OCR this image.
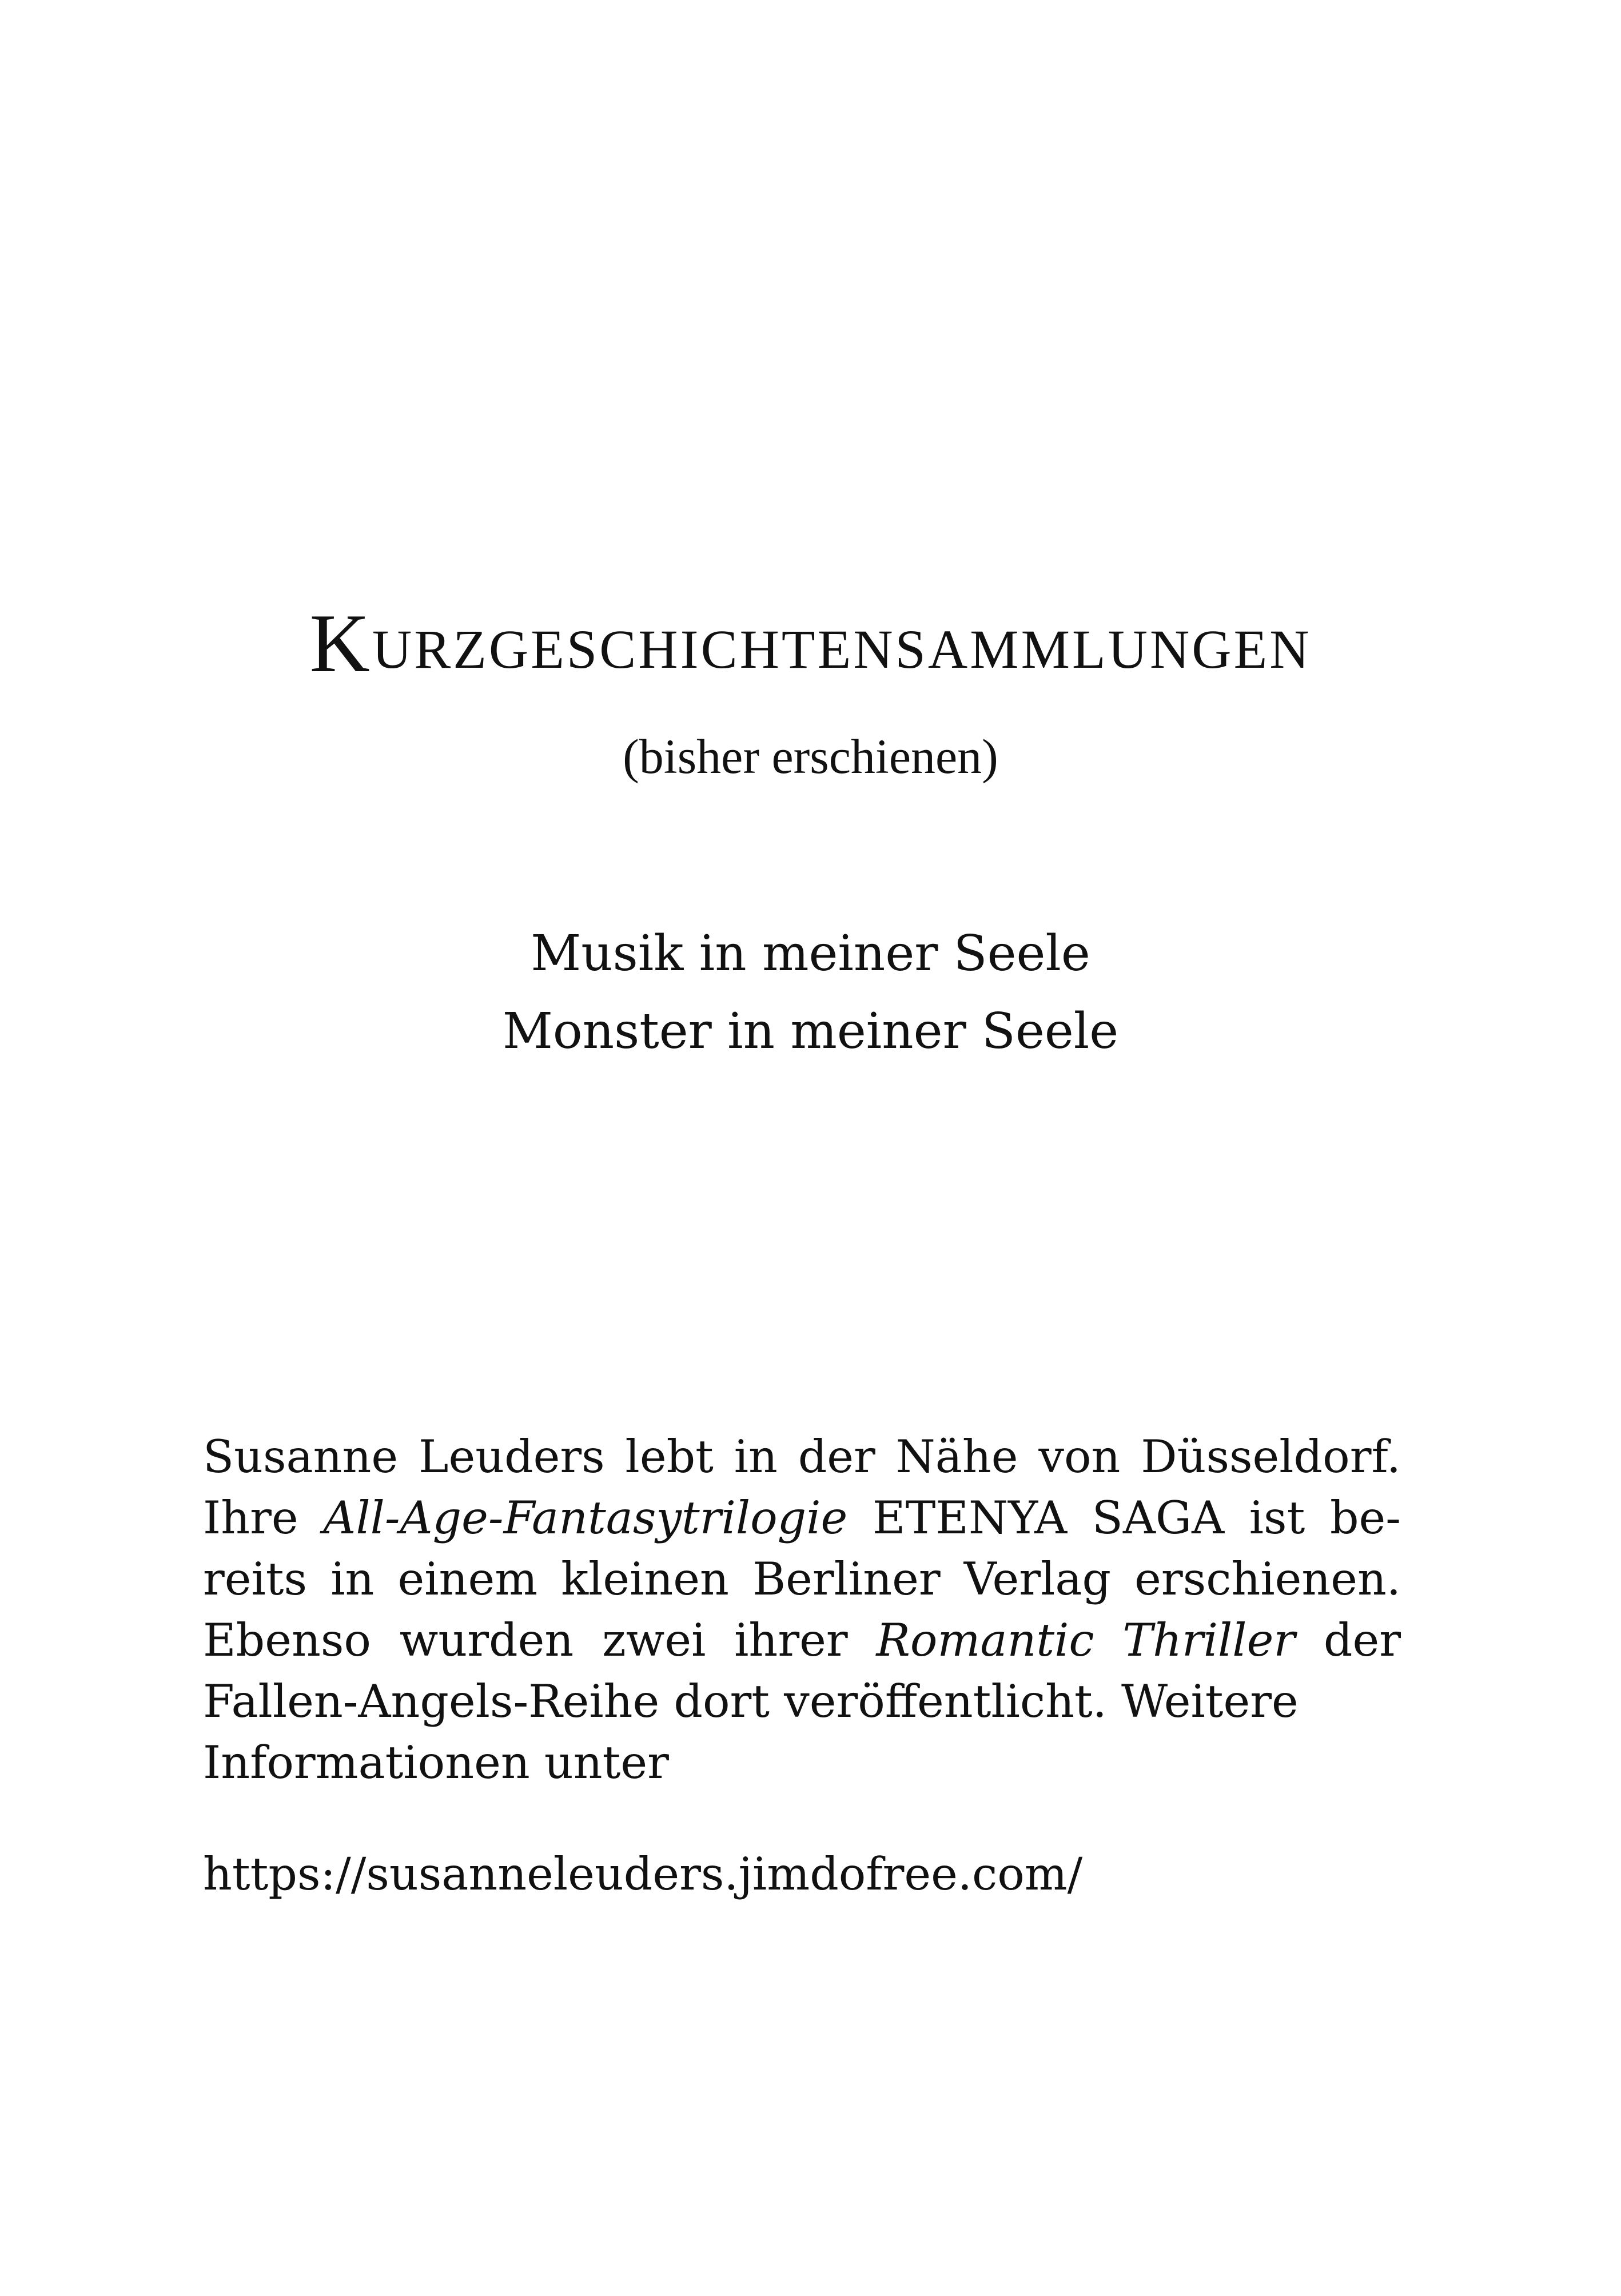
KURZGESCHICHTENSAMMLUNGEN
(bisher erschienen)
Musik in meiner Seele
Monster in meiner Seele

Susanne Leuders lebt in der Nähe von Düsseldorf. Ihre All-Age-Fantasytrilogie ETENYA SAGA ist bereits in einem kleinen Berliner Verlag erschienen. Ebenso wurden zwei ihrer Romantic Thriller der Fallen-Angels-Reihe dort veröffentlicht. Weitere

Informationen unter

https://susanneleuders.jimdofree.com/
